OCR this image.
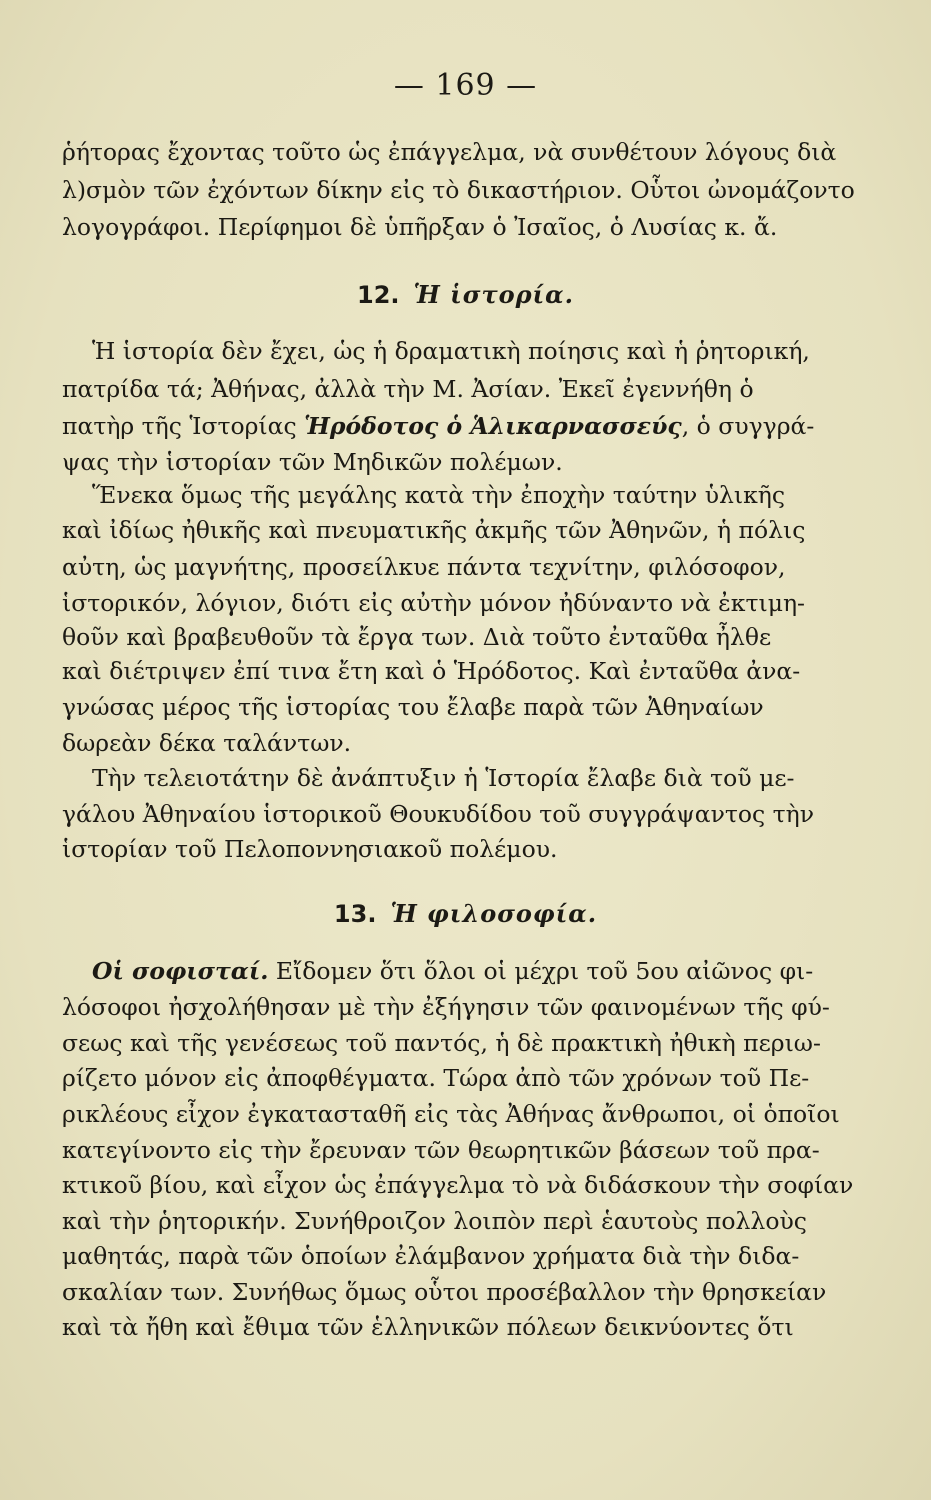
— 169 —
ῥήτορας ἔχοντας τοῦτο ὡς ἐπάγγελμα, νὰ συνθέτουν λόγους διὰ
λ)σμὸν τῶν ἐχόντων δίκην εἰς τὸ δικαστήριον. Οὗτοι ὠνομάζοντο
λογογράφοι. Περίφημοι δὲ ὑπῆρξαν ὁ Ἰσαῖος, ὁ Λυσίας κ. ἄ.
12. Ἡ ἱστορία.
Ἡ ἱστορία δὲν ἔχει, ὡς ἡ δραματικὴ ποίησις καὶ ἡ ῥητορική,
πατρίδα τά; Ἀθήνας, ἀλλὰ τὴν Μ. Ἀσίαν. Ἐκεῖ ἐγεννήθη ὁ
πατὴρ τῆς Ἱστορίας Ἡρόδοτος ὁ Ἁλικαρνασσεύς, ὁ συγγρά-
ψας τὴν ἱστορίαν τῶν Μηδικῶν πολέμων.
Ἕνεκα ὅμως τῆς μεγάλης κατὰ τὴν ἐποχὴν ταύτην ὑλικῆς
καὶ ἰδίως ἠθικῆς καὶ πνευματικῆς ἀκμῆς τῶν Ἀθηνῶν, ἡ πόλις
αὐτη, ὡς μαγνήτης, προσείλκυε πάντα τεχνίτην, φιλόσοφον,
ἱστορικόν, λόγιον, διότι εἰς αὐτὴν μόνον ἠδύναντο νὰ ἐκτιμη-
θοῦν καὶ βραβευθοῦν τὰ ἔργα των. Διὰ τοῦτο ἐνταῦθα ἦλθε
καὶ διέτριψεν ἐπί τινα ἔτη καὶ ὁ Ἡρόδοτος. Καὶ ἐνταῦθα ἀνα-
γνώσας μέρος τῆς ἱστορίας του ἔλαβε παρὰ τῶν Ἀθηναίων
δωρεὰν δέκα ταλάντων.
Τὴν τελειοτάτην δὲ ἀνάπτυξιν ἡ Ἱστορία ἔλαβε διὰ τοῦ με-
γάλου Ἀθηναίου ἱστορικοῦ Θουκυδίδου τοῦ συγγράψαντος τὴν
ἱστορίαν τοῦ Πελοποννησιακοῦ πολέμου.
13. Ἡ φιλοσοφία.
Οἱ σοφισταί. Εἴδομεν ὅτι ὅλοι οἱ μέχρι τοῦ 5ου αἰῶνος φι-
λόσοφοι ἠσχολήθησαν μὲ τὴν ἐξήγησιν τῶν φαινομένων τῆς φύ-
σεως καὶ τῆς γενέσεως τοῦ παντός, ἡ δὲ πρακτικὴ ἠθικὴ περιω-
ρίζετο μόνον εἰς ἀποφθέγματα. Τώρα ἀπὸ τῶν χρόνων τοῦ Πε-
ρικλέους εἶχον ἐγκατασταθῆ εἰς τὰς Ἀθήνας ἄνθρωποι, οἱ ὁποῖοι
κατεγίνοντο εἰς τὴν ἔρευναν τῶν θεωρητικῶν βάσεων τοῦ πρα-
κτικοῦ βίου, καὶ εἶχον ὡς ἐπάγγελμα τὸ νὰ διδάσκουν τὴν σοφίαν
καὶ τὴν ῥητορικήν. Συνήθροιζον λοιπὸν περὶ ἑαυτοὺς πολλοὺς
μαθητάς, παρὰ τῶν ὁποίων ἐλάμβανον χρήματα διὰ τὴν διδα-
σκαλίαν των. Συνήθως ὅμως οὗτοι προσέβαλλον τὴν θρησκείαν
καὶ τὰ ἤθη καὶ ἔθιμα τῶν ἑλληνικῶν πόλεων δεικνύοντες ὅτι
